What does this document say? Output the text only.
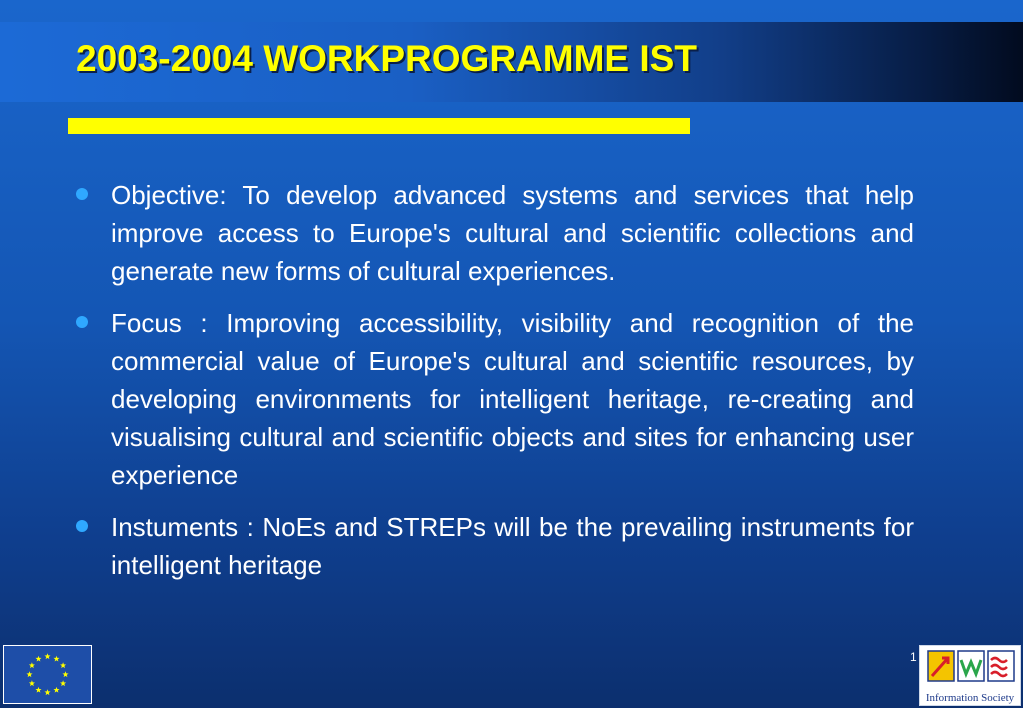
2003-2004 WORKPROGRAMME IST
Objective: To develop advanced systems and services that help improve access to Europe's cultural and scientific collections and generate new forms of cultural experiences.
Focus : Improving accessibility, visibility and recognition of the commercial value of Europe's cultural and scientific resources, by developing environments for intelligent heritage, re-creating and visualising cultural and scientific objects and sites for enhancing user experience
Instuments : NoEs and STREPs will be the prevailing instruments for intelligent heritage
1
Information Society
